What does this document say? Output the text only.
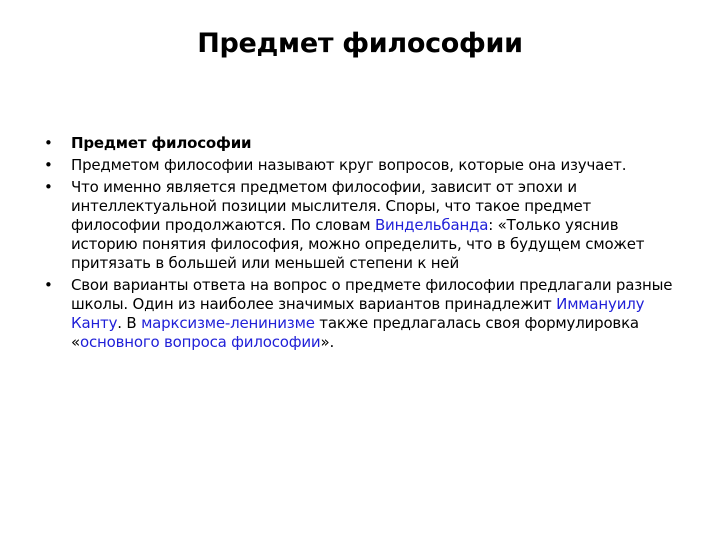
Предмет философии
• Предмет философии
• Предметом философии называют круг вопросов, которые она изучает.
• Что именно является предметом философии, зависит от эпохи и интеллектуальной позиции мыслителя. Споры, что такое предмет философии продолжаются. По словам Виндельбанда: «Только уяснив историю понятия философия, можно определить, что в будущем сможет притязать в большей или меньшей степени к ней
• Свои варианты ответа на вопрос о предмете философии предлагали разные школы. Один из наиболее значимых вариантов принадлежит Иммануилу Канту. В марксизме-ленинизме также предлагалась своя формулировка «основного вопроса философии».
